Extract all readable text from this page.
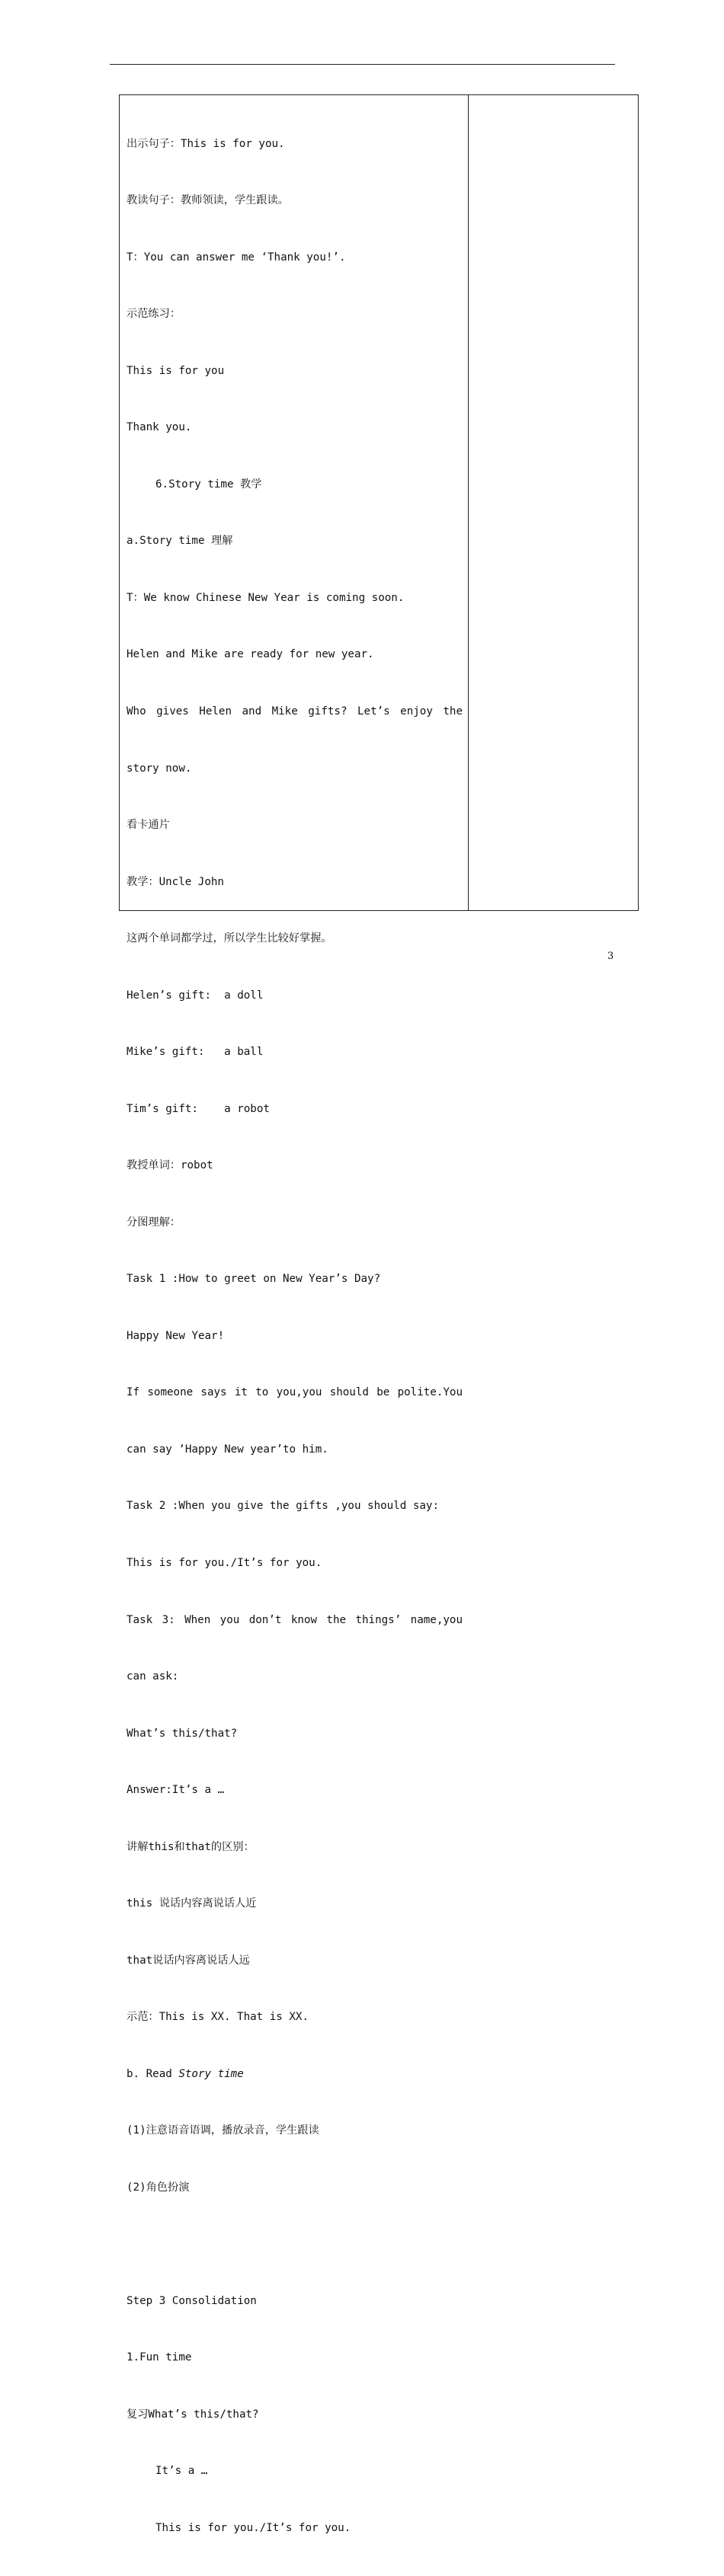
出示句子：This is for you.

教读句子：教师领读，学生跟读。

T：You can answer me ‘Thank you!’.

示范练习：

This is for you

Thank you.

6.Story time 教学

a.Story time 理解

T：We know Chinese New Year is coming soon.

Helen and Mike are ready for new year.

Who gives Helen and Mike gifts? Let’s enjoy the

story now.

看卡通片

教学：Uncle John

这两个单词都学过，所以学生比较好掌握。

Helen’s gift:  a doll

Mike’s gift:   a ball

Tim’s gift:    a robot

教授单词：robot

分图理解：

Task 1 :How to greet on New Year’s Day?

Happy New Year!

If someone says it to you,you should be polite.You

can say ‘Happy New year’to him.

Task 2 :When you give the gifts ,you should say:

This is for you./It’s for you.

Task 3: When you don’t know the things’ name,you

can ask:

What’s this/that?

Answer:It’s a …

讲解this和that的区别：

this 说话内容离说话人近

that说话内容离说话人远

示范：This is XX. That is XX.

b. Read Story time

(1)注意语音语调，播放录音，学生跟读

(2)角色扮演

Step 3 Consolidation

1.Fun time

复习What’s this/that?

It’s a …

This is for you./It’s for you.

3
